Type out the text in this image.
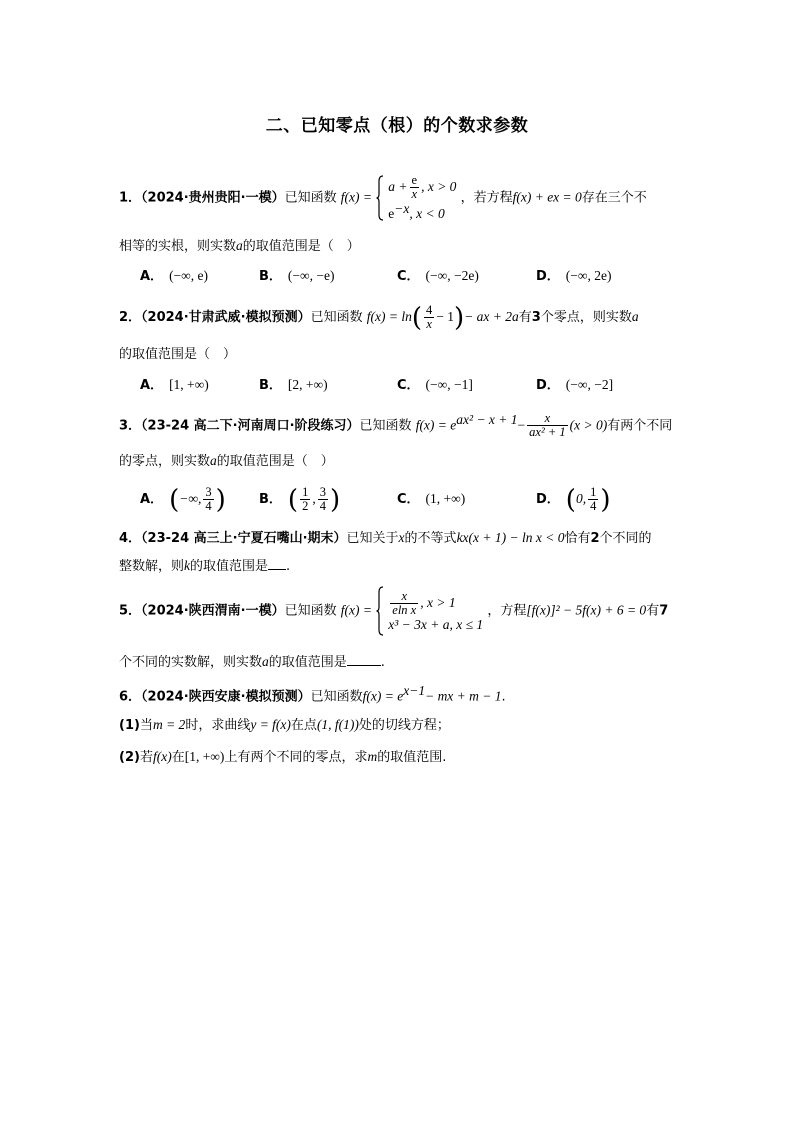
二、已知零点（根）的个数求参数
1．（2024·贵州贵阳·一模）已知函数 f(x) =
$a + \frac{e}{x}$ , x > 0
$e^{-x}$, x < 0
，若方程f(x) + ex = 0存在三个不
相等的实根，则实数a的取值范围是（　）
A． (−∞, e)	B． (−∞, −e)	C． (−∞, −2e)	D． (−∞, 2e)
2．（2024·甘肃武威·模拟预测）已知函数 $f(x) = \ln( \frac{4}{x} - 1)-$ ax + 2a有3个零点，则实数a
的取值范围是（　）
A． [1, +∞)	B． [2, +∞)	C． (−∞, −1]	D． (−∞, −2]
3．（23-24 高二下·河南周口·阶段练习）已知函数 $f(x) = e^{ax^2 - x + 1}- \frac{x}{\text{ax² + 1}} (x > 0)$有两个不同
的零点，则实数a的取值范围是（　）
A． (−∞, $\frac{3}{4}$ )	B． ( $\frac{1}{2}$ , $\frac{3}{4}$ )	C． (1, +∞)	D． (0, $\frac{1}{4}$ )
4．（23-24 高三上·宁夏石嘴山·期末）已知关于x的不等式kx(x + 1) − ln x < 0恰有2个不同的
整数解，则k的取值范围是 .
5．（2024·陕西渭南·一模）已知函数 $f(x) = \frac{x}{\text{eln x}}$ , x > 1
x³ − 3x + a, x ≤ 1
，方程[f(x)]² − 5f(x) + 6 = 0有7
个不同的实数解，则实数a的取值范围是	.
6．（2024·陕西安康·模拟预测）已知函数$f(x) = e^{x-1}-$ mx + m − 1.
(1)当m = 2时，求曲线y = f(x)在点(1, f(1))处的切线方程；
(2)若f(x)在[1, +∞)上有两个不同的零点，求m的取值范围.
